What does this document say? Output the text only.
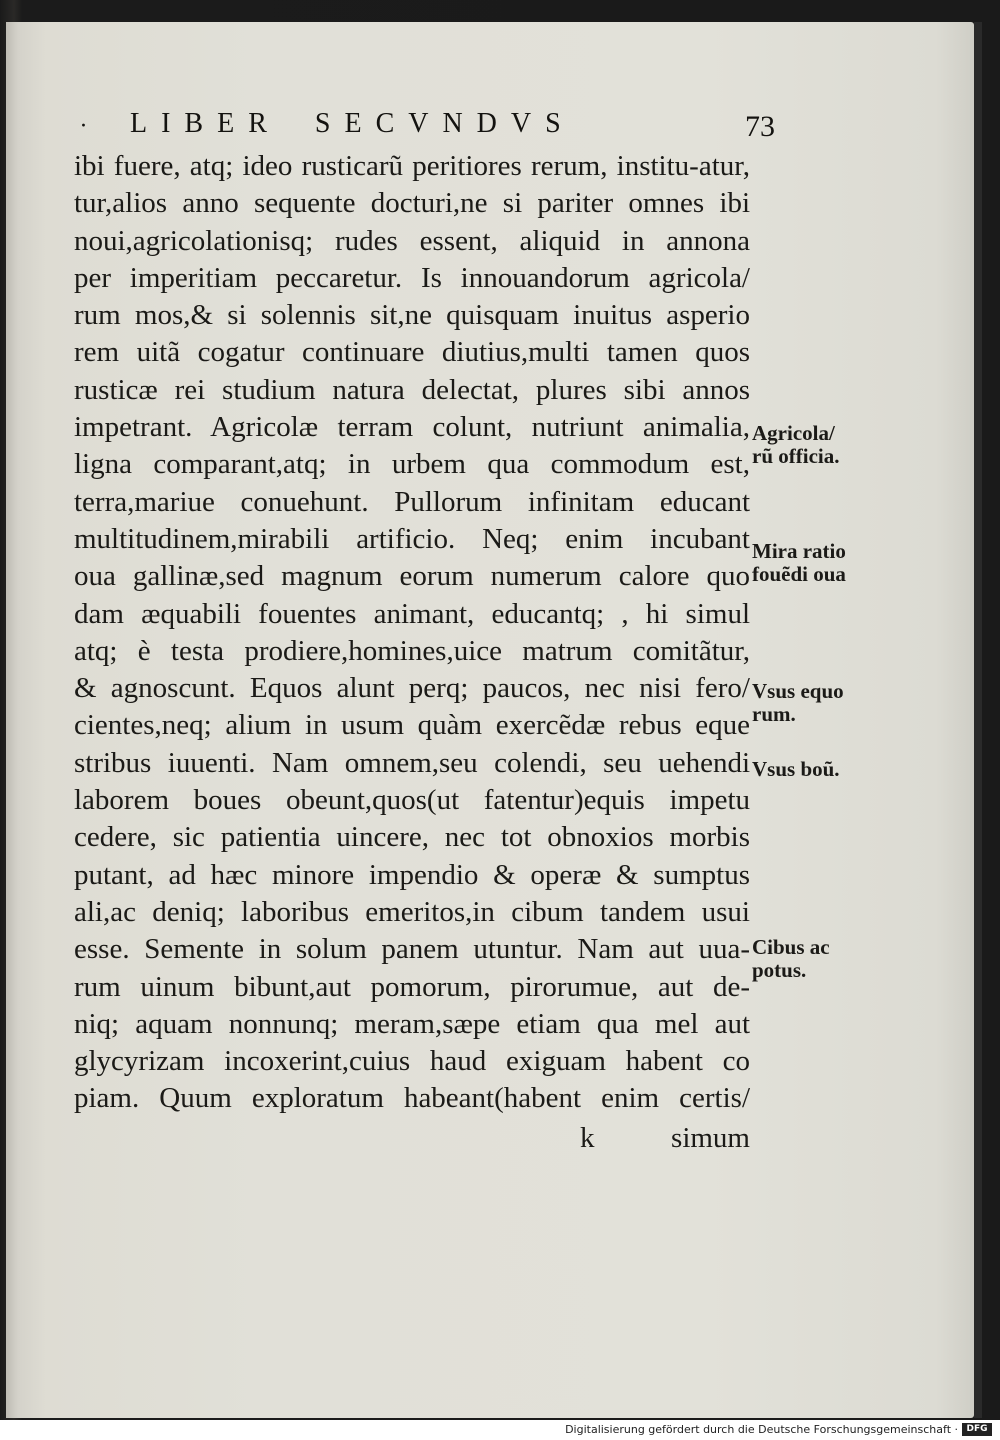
· LIBER SECVNDVS	73
ibi fuere, atq; ideo rusticarũ peritiores rerum, institu-atur,
tur,alios anno sequente docturi,ne si pariter omnes ibi
noui,agricolationisq; rudes essent, aliquid in annona
per imperitiam peccaretur. Is innouandorum agricola/
rum mos,& si solennis sit,ne quisquam inuitus asperio
rem uitã cogatur continuare diutius,multi tamen quos
rusticæ rei studium natura delectat, plures sibi annos
impetrant. Agricolæ terram colunt, nutriunt animalia,
ligna comparant,atq; in urbem qua commodum est,
terra,mariue conuehunt. Pullorum infinitam educant
multitudinem,mirabili artificio. Neq; enim incubant
oua gallinæ,sed magnum eorum numerum calore quo
dam æquabili fouentes animant, educantq; , hi simul
atq; è testa prodiere,homines,uice matrum comitãtur,
& agnoscunt. Equos alunt perq; paucos, nec nisi fero/
cientes,neq; alium in usum quàm exercẽdæ rebus eque
stribus iuuenti. Nam omnem,seu colendi, seu uehendi
laborem boues obeunt,quos(ut fatentur)equis impetu
cedere, sic patientia uincere, nec tot obnoxios morbis
putant, ad hæc minore impendio & operæ & sumptus
ali,ac deniq; laboribus emeritos,in cibum tandem usui
esse. Semente in solum panem utuntur. Nam aut uua-
rum uinum bibunt,aut pomorum, pirorumue, aut de-
niq; aquam nonnunq; meram,sæpe etiam qua mel aut
glycyrizam incoxerint,cuius haud exiguam habent co
piam. Quum exploratum habeant(habent enim certis/
k	simum
Agricola/
rũ officia.
Mira ratio
fouẽdi oua
Vsus equo
rum.
Vsus boũ.
Cibus ac
potus.
Digitalisierung gefördert durch die Deutsche Forschungsgemeinschaft · DFG
